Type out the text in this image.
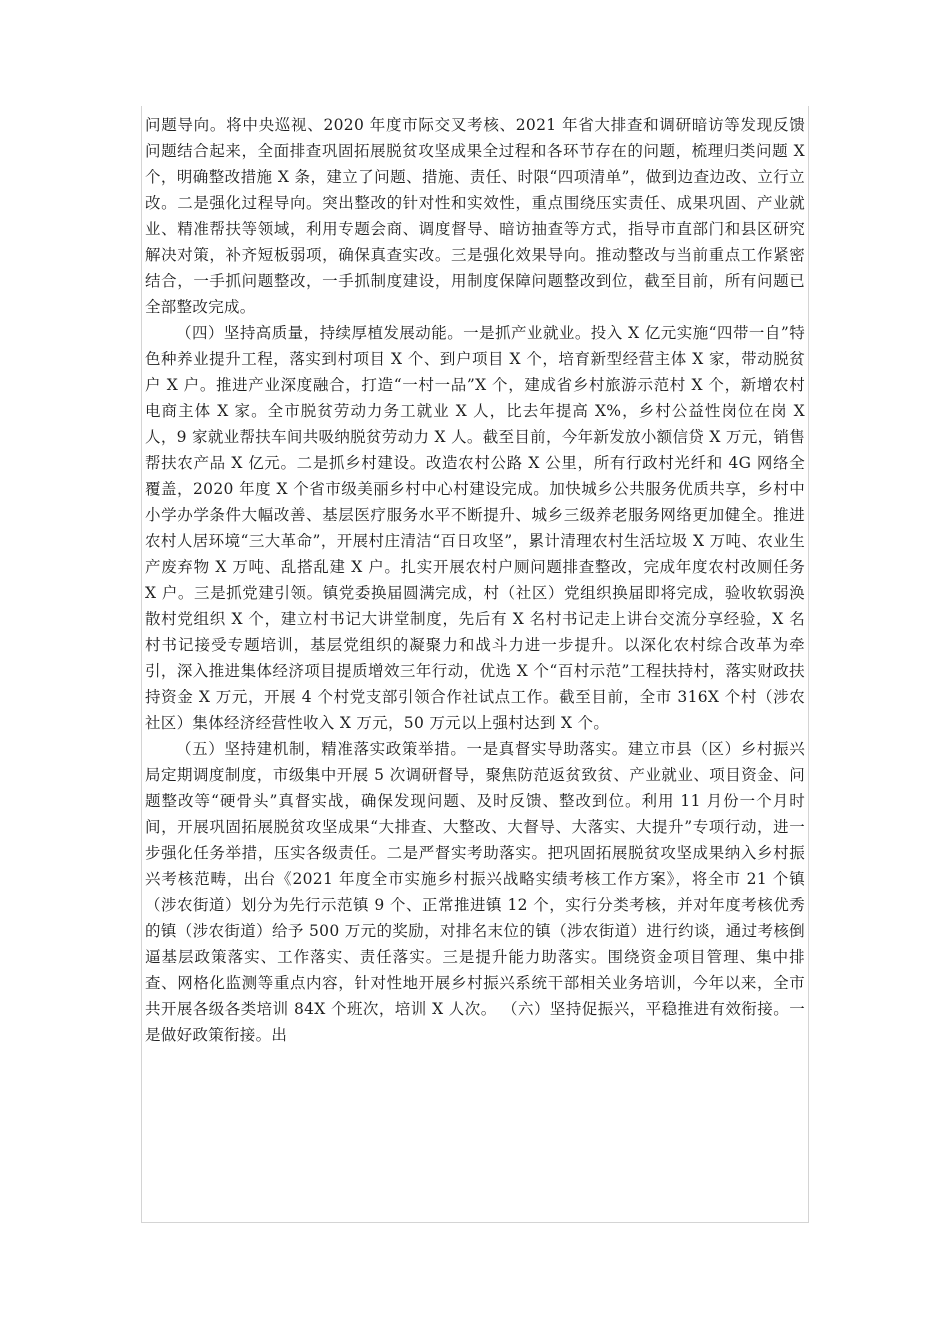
问题导向。将中央巡视、2020 年度市际交叉考核、2021 年省大排查和调研暗访等发现反馈问题结合起来，全面排查巩固拓展脱贫攻坚成果全过程和各环节存在的问题，梳理归类问题 X 个，明确整改措施 X 条，建立了问题、措施、责任、时限“四项清单”，做到边查边改、立行立改。二是强化过程导向。突出整改的针对性和实效性，重点围绕压实责任、成果巩固、产业就业、精准帮扶等领域，利用专题会商、调度督导、暗访抽查等方式，指导市直部门和县区研究解决对策，补齐短板弱项，确保真查实改。三是强化效果导向。推动整改与当前重点工作紧密结合，一手抓问题整改，一手抓制度建设，用制度保障问题整改到位，截至目前，所有问题已全部整改完成。

（四）坚持高质量，持续厚植发展动能。一是抓产业就业。投入 X 亿元实施“四带一自”特色种养业提升工程，落实到村项目 X 个、到户项目 X 个，培育新型经营主体 X 家，带动脱贫户 X 户。推进产业深度融合，打造“一村一品”X 个，建成省乡村旅游示范村 X 个，新增农村电商主体 X 家。全市脱贫劳动力务工就业 X 人，比去年提高 X%，乡村公益性岗位在岗 X 人，9 家就业帮扶车间共吸纳脱贫劳动力 X 人。截至目前，今年新发放小额信贷 X 万元，销售帮扶农产品 X 亿元。二是抓乡村建设。改造农村公路 X 公里，所有行政村光纤和 4G 网络全覆盖，2020 年度 X 个省市级美丽乡村中心村建设完成。加快城乡公共服务优质共享，乡村中小学办学条件大幅改善、基层医疗服务水平不断提升、城乡三级养老服务网络更加健全。推进农村人居环境“三大革命”，开展村庄清洁“百日攻坚”，累计清理农村生活垃圾 X 万吨、农业生产废弃物 X 万吨、乱搭乱建 X 户。扎实开展农村户厕问题排查整改，完成年度农村改厕任务 X 户。三是抓党建引领。镇党委换届圆满完成，村（社区）党组织换届即将完成，验收软弱涣散村党组织 X 个，建立村书记大讲堂制度，先后有 X 名村书记走上讲台交流分享经验，X 名村书记接受专题培训，基层党组织的凝聚力和战斗力进一步提升。以深化农村综合改革为牵引，深入推进集体经济项目提质增效三年行动，优选 X 个“百村示范”工程扶持村，落实财政扶持资金 X 万元，开展 4 个村党支部引领合作社试点工作。截至目前，全市 316X 个村（涉农社区）集体经济经营性收入 X 万元，50 万元以上强村达到 X 个。

（五）坚持建机制，精准落实政策举措。一是真督实导助落实。建立市县（区）乡村振兴局定期调度制度，市级集中开展 5 次调研督导，聚焦防范返贫致贫、产业就业、项目资金、问题整改等“硬骨头”真督实战，确保发现问题、及时反馈、整改到位。利用 11 月份一个月时间，开展巩固拓展脱贫攻坚成果“大排查、大整改、大督导、大落实、大提升”专项行动，进一步强化任务举措，压实各级责任。二是严督实考助落实。把巩固拓展脱贫攻坚成果纳入乡村振兴考核范畴，出台《2021 年度全市实施乡村振兴战略实绩考核工作方案》，将全市 21 个镇（涉农街道）划分为先行示范镇 9 个、正常推进镇 12 个，实行分类考核，并对年度考核优秀的镇（涉农街道）给予 500 万元的奖励，对排名末位的镇（涉农街道）进行约谈，通过考核倒逼基层政策落实、工作落实、责任落实。三是提升能力助落实。围绕资金项目管理、集中排查、网格化监测等重点内容，针对性地开展乡村振兴系统干部相关业务培训，今年以来，全市共开展各级各类培训 84X 个班次，培训 X 人次。 （六）坚持促振兴，平稳推进有效衔接。一是做好政策衔接。出
